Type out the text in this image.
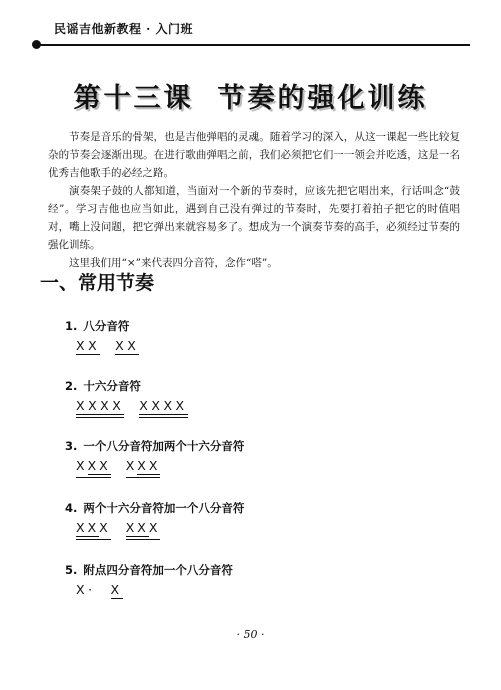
民谣吉他新教程 · 入门班
第十三课 节奏的强化训练

节奏是音乐的骨架，也是吉他弹唱的灵魂。随着学习的深入，从这一课起一些比较复杂的节奏会逐渐出现。在进行歌曲弹唱之前，我们必须把它们一一领会并吃透，这是一名优秀吉他歌手的必经之路。

演奏架子鼓的人都知道，当面对一个新的节奏时，应该先把它唱出来，行话叫念“鼓经”。学习吉他也应当如此，遇到自己没有弹过的节奏时，先要打着拍子把它的时值唱对，嘴上没问题，把它弹出来就容易多了。想成为一个演奏节奏的高手，必须经过节奏的强化训练。

这里我们用“×”来代表四分音符，念作“嗒”。

一、常用节奏
1. 八分音符
X X X X
2. 十六分音符
X X X X X X X X
3. 一个八分音符加两个十六分音符
X X X X X X
4. 两个十六分音符加一个八分音符
X X X X X X
5. 附点四分音符加一个八分音符
X · X
· 50 ·
